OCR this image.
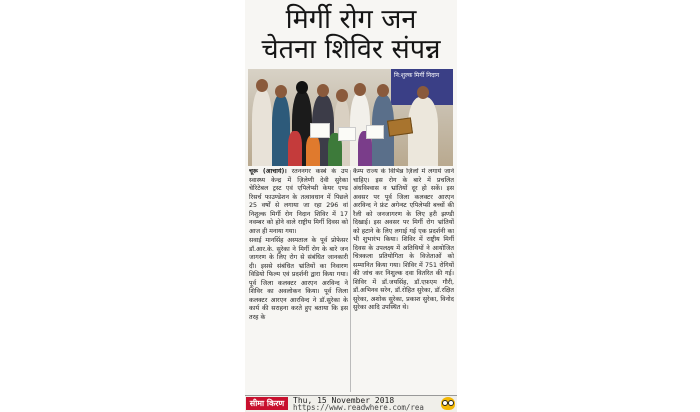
मिर्गी रोग जन
चेतना शिविर संपन्न
नि:शुल्क मिर्गी निदान

चूरू (आचार्य)। रतननगर कस्बे के उप स्वास्थ्य केन्द्र में ज़िलेणी देवी सुरेका चेरिटेबल ट्रस्ट एवं एपिलेप्सी केयर एण्ड रिसर्च फाउण्डेशन के तत्वावधान में पिछले 25 वर्षों से लगाया जा रहा 296 वां निशुल्क मिर्गी रोग निदान शिविर में 17 नवम्बर को होने वाले राष्ट्रीय मिर्गी दिवस को आज ही मनाया गया।

सवाई मानसिंह अस्पताल के पूर्व प्रोफेसर डॉ.आर.के. सुरेका ने मिर्गी रोग के बारे जन जागरण के लिए रोग से संबंधित जानकारी दी। इससे संबंधित भ्रांतियों का निवारण विडियो फिल्म एवं प्रदर्शनी द्वारा किया गया। पूर्व जिला कलक्टर आरएन अरविन्द ने शिविर का अवलोकन किया। पूर्व जिला कलक्टर आरएन आरविन्द ने डॉ.सुरेका के कार्य की सराहना करते हुए बताया कि इस तरह के

कैम्प राज्य के विभिन्न ज़िलों में लगाये जाने चाहिए। इस रोग के बारे में प्रचलित अंधविश्वास व भ्रांतियों दूर हो सकें। इस अवसर पर पूर्व जिला कलक्टर आरएन अरविन्द ने फ्रंट अगेन्स्ट एपिलेप्सी बच्चों की रैली को जनजागरण के लिए हरी झण्डी दिखाई। इस अवसर पर मिर्गी रोग भ्रांतियों को हटाने के लिए लगाई गई एक प्रदर्शनी का भी शुभारंभ किया। शिविर में राष्ट्रीय मिर्गी दिवस के उपलक्ष्य में अतिथियों ने आयोजित चित्रकला प्रतियोगिता के विजेताओं को सम्मानित किया गया। शिविर में 751 रोगियों की जांच कर निशुल्क दवा वितरित की गई। शिविर में डॉ.जयसिंह, डॉ.एफ़एम गौरी, डॉ.अभिनव सरेन, डॉ.रोहित सुरेका, डॉ.रक्षित सुरेका, अशोक सुरेका, प्रकाश सुरेका, विनोद सुरेका आदि उपस्थित थे।

सीमा किरण	Thu, 15 November 2018
https://www.readwhere.com/rea
